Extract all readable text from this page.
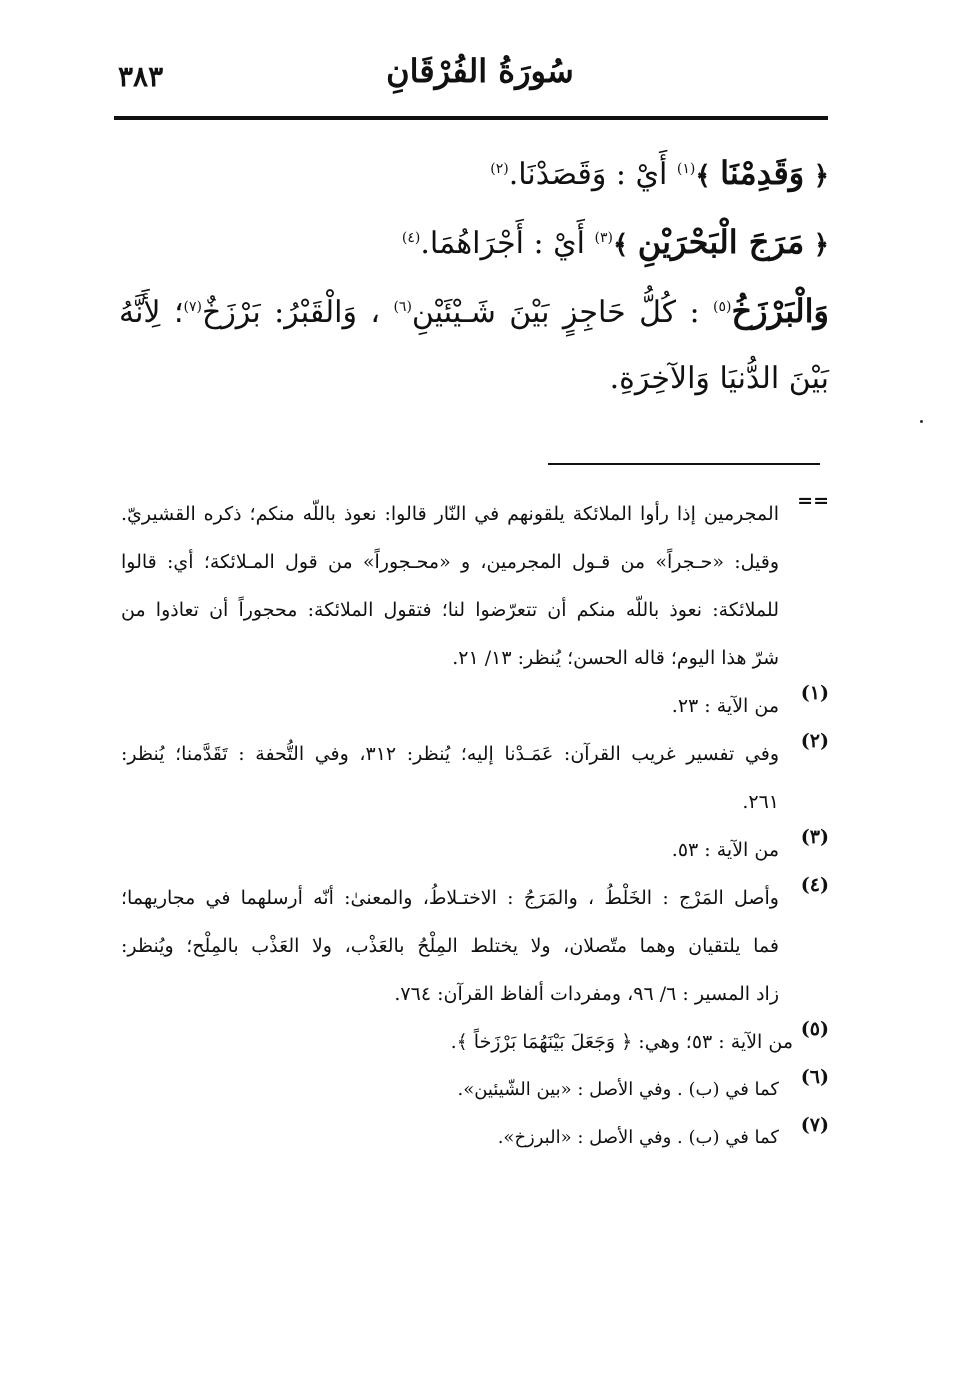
٣٨٣	سُورَةُ الفُرْقَانِ
﴿ وَقَدِمْنَا ﴾$^{(١)}$ أَيْ : وَقَصَدْنَا.$^{(٢)}$
﴿ مَرَجَ الْبَحْرَيْنِ ﴾$^{(٣)}$ أَيْ : أَجْرَاهُمَا.$^{(٤)}$
وَالْبَرْزَخُ$^{(٥)}$ : كُلُّ حَاجِزٍ بَيْنَ شَـيْئَيْنِ$^{(٦)}$ ، وَالْقَبْرُ: بَرْزَخٌ$^{(٧)}$؛ لِأَنَّهُ
بَيْنَ الدُّنيَا وَالآخِرَةِ.
==
المجرمين إذا رأوا الملائكة يلقونهم في النّار قالوا: نعوذ باللّه منكم؛ ذكره القشيريّ.
وقيل: «حـجراً» من قـول المجرمين، و «محـجوراً» من قول المـلائكة؛ أي: قالوا
للملائكة: نعوذ باللّه منكم أن تتعرّضوا لنا؛ فتقول الملائكة: محجوراً أن تعاذوا من
شرّ هذا اليوم؛ قاله الحسن؛ يُنظر: ١٣/ ٢١.
(١)
من الآية : ٢٣.
(٢)
وفي تفسير غريب القرآن: عَمَـدْنا إليه؛ يُنظر: ٣١٢، وفي التُّحفة : تَقَدَّمنا؛ يُنظر:
٢٦١.
(٣)
من الآية : ٥٣.
(٤)
وأصل المَرْج : الخَلْطُ ، والمَرَجُ : الاختـلاطُ، والمعنىٰ: أنّه أرسلهما في مجاريهما؛
فما يلتقيان وهما متّصلان، ولا يختلط المِلْحُ بالعَذْب، ولا العَذْب بالمِلْح؛ ويُنظر:
زاد المسير : ٦/ ٩٦، ومفردات ألفاظ القرآن: ٧٦٤.
(٥)
من الآية : ٥٣؛ وهي: ﴿ وَجَعَلَ بَيْنَهُمَا بَرْزَخاً ﴾.
(٦)
كما في (ب) . وفي الأصل : «بين الشّيئين».
(٧)
كما في (ب) . وفي الأصل : «البرزخ».
